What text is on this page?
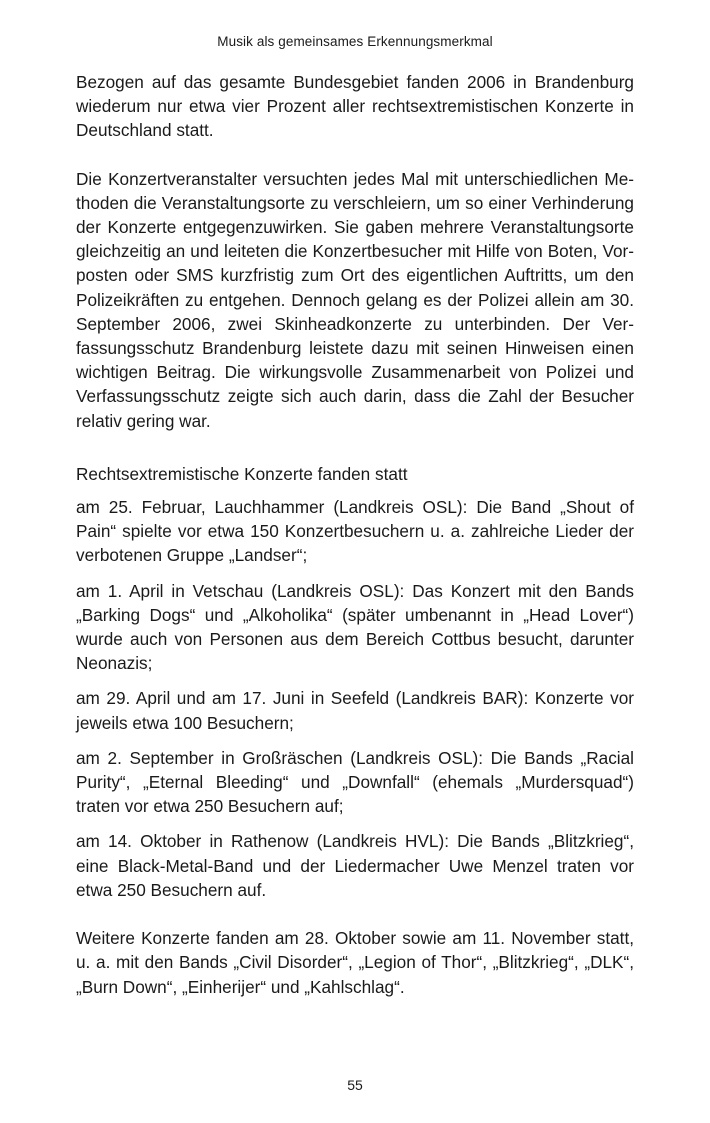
Musik als gemeinsames Erkennungsmerkmal

Bezogen auf das gesamte Bundesgebiet fanden 2006 in Brandenburg wiederum nur etwa vier Prozent aller rechtsextremistischen Konzerte in Deutschland statt.

Die Konzertveranstalter versuchten jedes Mal mit unterschiedlichen Methoden die Veranstaltungsorte zu verschleiern, um so einer Verhinderung der Konzerte entgegenzuwirken. Sie gaben mehrere Veranstaltungsorte gleichzeitig an und leiteten die Konzertbesucher mit Hilfe von Boten, Vorposten oder SMS kurzfristig zum Ort des eigentlichen Auftritts, um den Polizeikräften zu entgehen. Dennoch gelang es der Polizei allein am 30. September 2006, zwei Skinheadkonzerte zu unterbinden. Der Verfassungsschutz Brandenburg leistete dazu mit seinen Hinweisen einen wichtigen Beitrag. Die wirkungsvolle Zusammenarbeit von Polizei und Verfassungsschutz zeigte sich auch darin, dass die Zahl der Besucher relativ gering war.

Rechtsextremistische Konzerte fanden statt

am 25. Februar, Lauchhammer (Landkreis OSL): Die Band „Shout of Pain“ spielte vor etwa 150 Konzertbesuchern u. a. zahlreiche Lieder der verbotenen Gruppe „Landser“;

am 1. April in Vetschau (Landkreis OSL): Das Konzert mit den Bands „Barking Dogs“ und „Alkoholika“ (später umbenannt in „Head Lover“) wurde auch von Personen aus dem Bereich Cottbus besucht, darunter Neonazis;

am 29. April und am 17. Juni in Seefeld (Landkreis BAR): Konzerte vor jeweils etwa 100 Besuchern;

am 2. September in Großräschen (Landkreis OSL): Die Bands „Racial Purity“, „Eternal Bleeding“ und „Downfall“ (ehemals „Murdersquad“) traten vor etwa 250 Besuchern auf;

am 14. Oktober in Rathenow (Landkreis HVL): Die Bands „Blitzkrieg“, eine Black-Metal-Band und der Liedermacher Uwe Menzel traten vor etwa 250 Besuchern auf.

Weitere Konzerte fanden am 28. Oktober sowie am 11. November statt, u. a. mit den Bands „Civil Disorder“, „Legion of Thor“, „Blitzkrieg“, „DLK“, „Burn Down“, „Einherijer“ und „Kahlschlag“.

55
